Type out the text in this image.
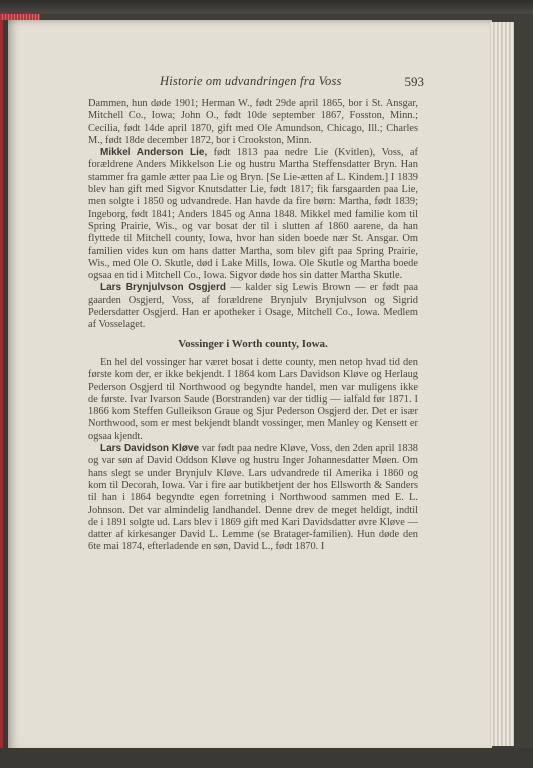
Historie om udvandringen fra Voss	593

Dammen, hun døde 1901; Herman W., født 29de april 1865, bor i St. Ansgar, Mitchell Co., Iowa; John O., født 10de september 1867, Fosston, Minn.; Cecilia, født 14de april 1870, gift med Ole Amundson, Chicago, Ill.; Charles M., født 18de december 1872, bor i Crookston, Minn.

Mikkel Anderson Lie, født 1813 paa nedre Lie (Kvitlen), Voss, af forældrene Anders Mikkelson Lie og hustru Martha Steffensdatter Bryn. Han stammer fra gamle ætter paa Lie og Bryn. [Se Lie-ætten af L. Kindem.] I 1839 blev han gift med Sigvor Knutsdatter Lie, født 1817; fik farsgaarden paa Lie, men solgte i 1850 og udvandrede. Han havde da fire børn: Martha, født 1839; Ingeborg, født 1841; Anders 1845 og Anna 1848. Mikkel med familie kom til Spring Prairie, Wis., og var bosat der til i slutten af 1860 aarene, da han flyttede til Mitchell county, Iowa, hvor han siden boede nær St. Ansgar. Om familien vides kun om hans datter Martha, som blev gift paa Spring Prairie, Wis., med Ole O. Skutle, død i Lake Mills, Iowa. Ole Skutle og Martha boede ogsaa en tid i Mitchell Co., Iowa. Sigvor døde hos sin datter Martha Skutle.

Lars Brynjulvson Osgjerd — kalder sig Lewis Brown — er født paa gaarden Osgjerd, Voss, af forældrene Brynjulv Brynjulvson og Sigrid Pedersdatter Osgjerd. Han er apotheker i Osage, Mitchell Co., Iowa. Medlem af Vosselaget.

Vossinger i Worth county, Iowa.

En hel del vossinger har været bosat i dette county, men netop hvad tid den første kom der, er ikke bekjendt. I 1864 kom Lars Davidson Kløve og Herlaug Pederson Osgjerd til Northwood og begyndte handel, men var muligens ikke de første. Ivar Ivarson Saude (Borstranden) var der tidlig — ialfald før 1871. I 1866 kom Steffen Gulleikson Graue og Sjur Pederson Osgjerd der. Det er især Northwood, som er mest bekjendt blandt vossinger, men Manley og Kensett er ogsaa kjendt.

Lars Davidson Kløve var født paa nedre Kløve, Voss, den 2den april 1838 og var søn af David Oddson Kløve og hustru Inger Johannesdatter Møen. Om hans slegt se under Brynjulv Kløve. Lars udvandrede til Amerika i 1860 og kom til Decorah, Iowa. Var i fire aar butikbetjent der hos Ellsworth & Sanders til han i 1864 begyndte egen forretning i Northwood sammen med E. L. Johnson. Det var almindelig landhandel. Denne drev de meget heldigt, indtil de i 1891 solgte ud. Lars blev i 1869 gift med Kari Davidsdatter øvre Kløve — datter af kirkesanger David L. Lemme (se Bratager-familien). Hun døde den 6te mai 1874, efterladende en søn, David L., født 1870. I
